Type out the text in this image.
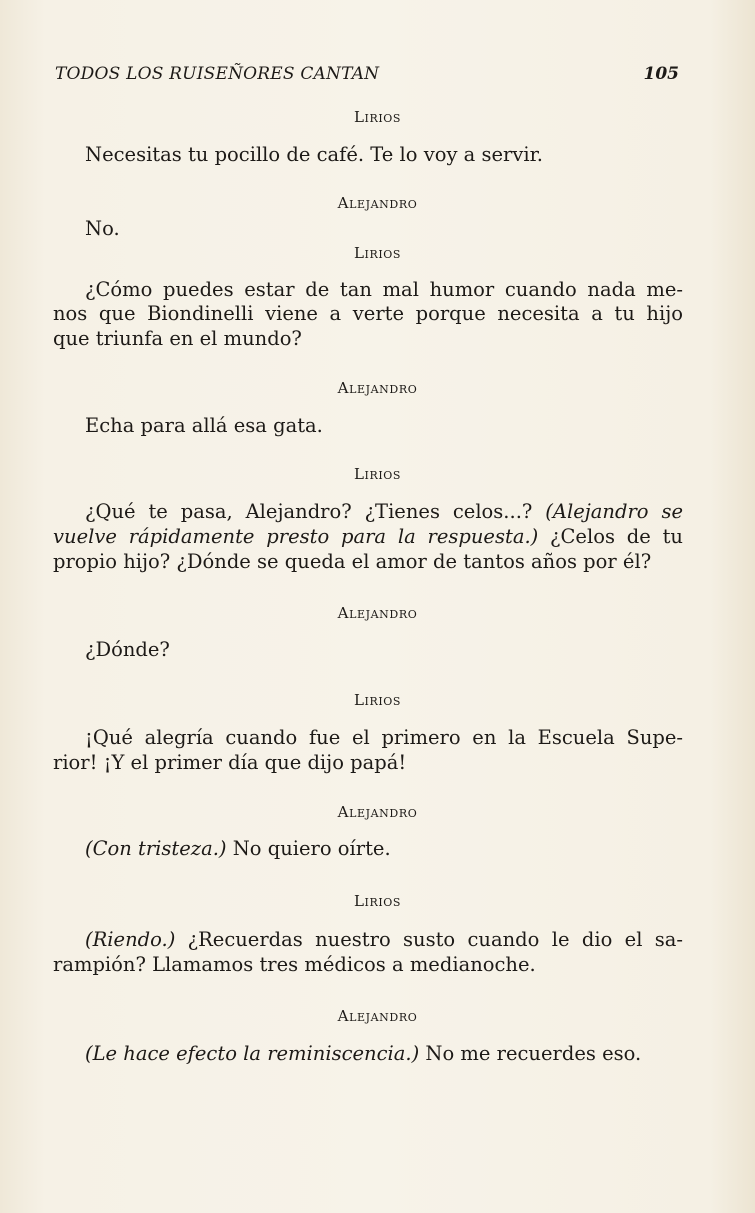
TODOS LOS RUISEÑORES CANTAN	105
Lirios
Necesitas tu pocillo de café. Te lo voy a servir.
Alejandro
No.
Lirios
¿Cómo puedes estar de tan mal humor cuando nada me-
nos que Biondinelli viene a verte porque necesita a tu hijo
que triunfa en el mundo?
Alejandro
Echa para allá esa gata.
Lirios
¿Qué te pasa, Alejandro? ¿Tienes celos...? (Alejandro se
vuelve rápidamente presto para la respuesta.) ¿Celos de tu
propio hijo? ¿Dónde se queda el amor de tantos años por él?
Alejandro
¿Dónde?
Lirios
¡Qué alegría cuando fue el primero en la Escuela Supe-
rior! ¡Y el primer día que dijo papá!
Alejandro
(Con tristeza.) No quiero oírte.
Lirios
(Riendo.) ¿Recuerdas nuestro susto cuando le dio el sa-
rampión? Llamamos tres médicos a medianoche.
Alejandro
(Le hace efecto la reminiscencia.) No me recuerdes eso.
